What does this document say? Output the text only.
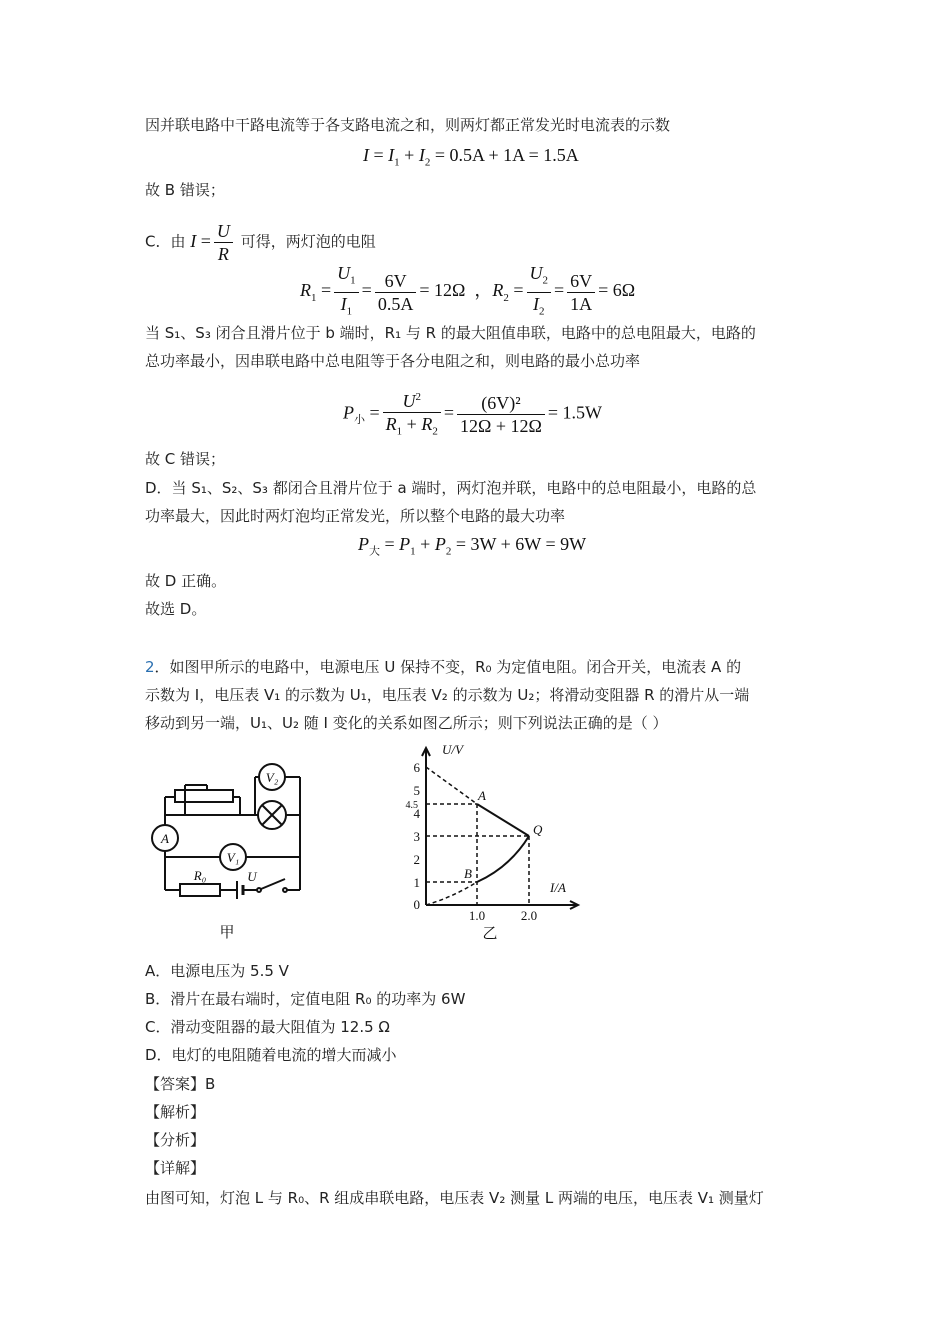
因并联电路中干路电流等于各支路电流之和，则两灯都正常发光时电流表的示数
$I = I_1 + I_2 = 0.5A + 1A = 1.5A$
故 B 错误；
C．由 $I = \frac{U}{R}$ 可得，两灯泡的电阻
$R_1 = \frac{U_1}{I_1} = \frac{6V}{0.5A} = 12\Omega$  ，$R_2 = \frac{U_2}{I_2} = \frac{6V}{1A} = 6\Omega$
当 S₁、S₃ 闭合且滑片位于 b 端时，R₁ 与 R 的最大阻值串联，电路中的总电阻最大，电路的
总功率最小，因串联电路中总电阻等于各分电阻之和，则电路的最小总功率
$P_小 = \frac{U^2}{R_1 + R_2} = \frac{\text{(6V)²}}{12\Omega + 12\Omega} = 1.5W$
故 C 错误；
D．当 S₁、S₂、S₃ 都闭合且滑片位于 a 端时，两灯泡并联，电路中的总电阻最小，电路的总
功率最大，因此时两灯泡均正常发光，所以整个电路的最大功率
$P_大 = P_1 + P_2 = 3W + 6W = 9W$
故 D 正确。
故选 D。
2．如图甲所示的电路中，电源电压 U 保持不变，R₀ 为定值电阻。闭合开关，电流表 A 的
示数为 I，电压表 V₁ 的示数为 U₁，电压表 V₂ 的示数为 U₂；将滑动变阻器 R 的滑片从一端
移动到另一端，U₁、U₂ 随 I 变化的关系如图乙所示；则下列说法正确的是（ ）
V₂
A
V₁
R₀	U
甲
1
2
3
4
5
6
4.5
0
U/V
I/A
1.0	2.0
A
B
Q
乙
A．电源电压为 5.5 V
B．滑片在最右端时，定值电阻 R₀ 的功率为 6W
C．滑动变阻器的最大阻值为 12.5 Ω
D．电灯的电阻随着电流的增大而减小
【答案】B
【解析】
【分析】
【详解】
由图可知，灯泡 L 与 R₀、R 组成串联电路，电压表 V₂ 测量 L 两端的电压，电压表 V₁ 测量灯
